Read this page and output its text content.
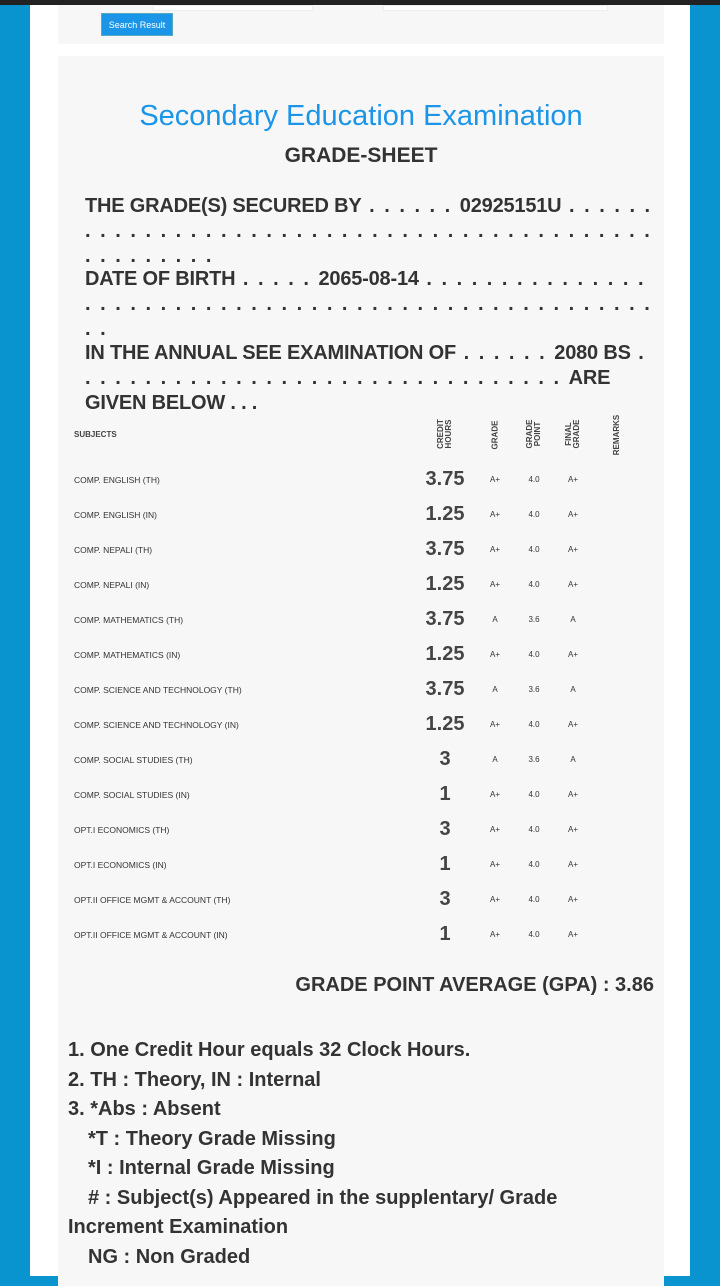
Search Result
Secondary Education Examination
GRADE-SHEET
THE GRADE(S) SECURED BY . . . . . . 02925151U . . . . . . . . . . . . . . . . . . . . . . . . . . . . . . . . . . . . . . . . . . . . . . . . . . . . .
DATE OF BIRTH . . . . . 2065-08-14 . . . . . . . . . . . . . . . . . . . . . . . . . . . . . . . . . . . . . . . . . . . . . . . . . . . . . . .
IN THE ANNUAL SEE EXAMINATION OF . . . . . . 2080 BS . . . . . . . . . . . . . . . . . . . . . . . . . . . . . . . . . ARE GIVEN BELOW . . .
SUBJECTS	CREDIT HOURS	GRADE	GRADE POINT	FINAL GRADE	REMARKS
COMP. ENGLISH (TH)	3.75	A+	4.0	A+	
COMP. ENGLISH (IN)	1.25	A+	4.0	A+	
COMP. NEPALI (TH)	3.75	A+	4.0	A+	
COMP. NEPALI (IN)	1.25	A+	4.0	A+	
COMP. MATHEMATICS (TH)	3.75	A	3.6	A	
COMP. MATHEMATICS (IN)	1.25	A+	4.0	A+	
COMP. SCIENCE AND TECHNOLOGY (TH)	3.75	A	3.6	A	
COMP. SCIENCE AND TECHNOLOGY (IN)	1.25	A+	4.0	A+	
COMP. SOCIAL STUDIES (TH)	3	A	3.6	A	
COMP. SOCIAL STUDIES (IN)	1	A+	4.0	A+	
OPT.I ECONOMICS (TH)	3	A+	4.0	A+	
OPT.I ECONOMICS (IN)	1	A+	4.0	A+	
OPT.II OFFICE MGMT & ACCOUNT (TH)	3	A+	4.0	A+	
OPT.II OFFICE MGMT & ACCOUNT (IN)	1	A+	4.0	A+	
GRADE POINT AVERAGE (GPA) : 3.86
1. One Credit Hour equals 32 Clock Hours.
2. TH : Theory, IN : Internal
3. *Abs : Absent
*T : Theory Grade Missing
*I : Internal Grade Missing
# : Subject(s) Appeared in the supplentary/ Grade
Increment Examination
NG : Non Graded
